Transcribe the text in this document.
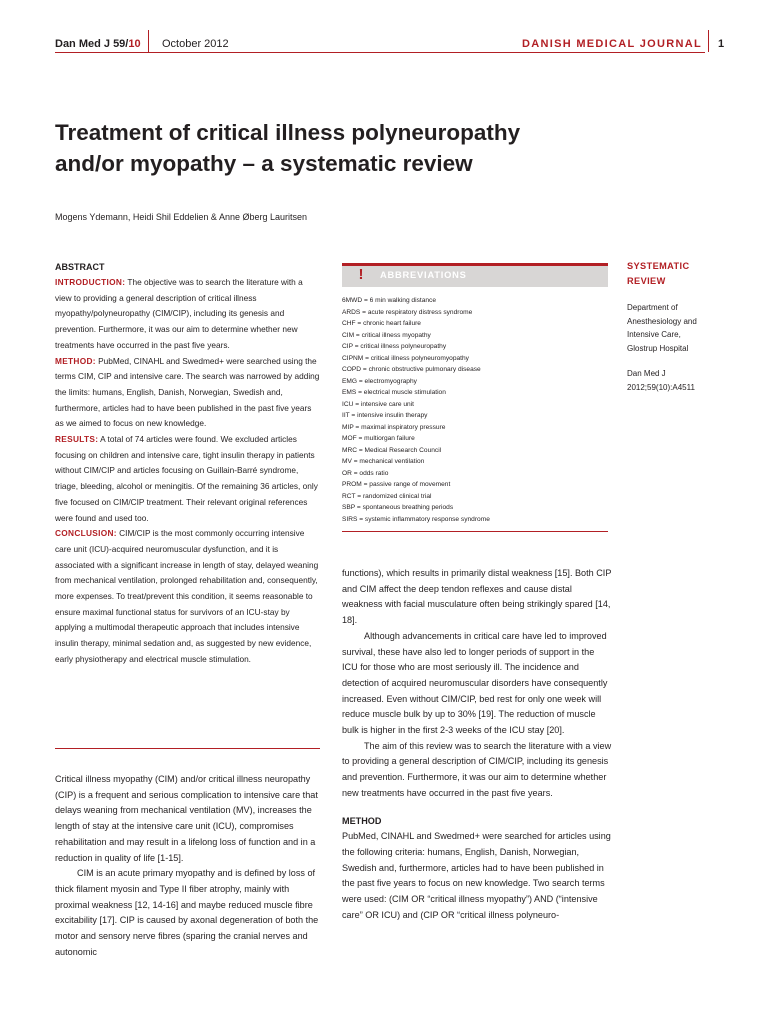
Dan Med J 59/10 October 2012	DANISH MEDICAL JOURNAL 1
Treatment of critical illness polyneuropathy
and/or myopathy – a systematic review
Mogens Ydemann, Heidi Shil Eddelien & Anne Øberg Lauritsen
ABSTRACT

INTRODUCTION: The objective was to search the literature with a view to providing a general description of critical illness myopathy/polyneuropathy (CIM/CIP), including its genesis and prevention. Furthermore, it was our aim to determine whether new treatments have occurred in the past five years.

METHOD: PubMed, CINAHL and Swedmed+ were searched using the terms CIM, CIP and intensive care. The search was narrowed by adding the limits: humans, English, Danish, Norwegian, Swedish and, furthermore, articles had to have been published in the past five years as we aimed to focus on new knowledge.

RESULTS: A total of 74 articles were found. We excluded articles focusing on children and intensive care, tight insulin therapy in patients without CIM/CIP and articles focusing on Guillain-Barré syndrome, triage, bleeding, alcohol or meningitis. Of the remaining 36 articles, only five focused on CIM/CIP treatment. Their relevant original references were found and used too.

CONCLUSION: CIM/CIP is the most commonly occurring intensive care unit (ICU)-acquired neuromuscular dysfunction, and it is associated with a significant increase in length of stay, delayed weaning from mechanical ventilation, prolonged rehabilitation and, consequently, more expenses. To treat/prevent this condition, it seems reasonable to ensure maximal functional status for survivors of an ICU-stay by applying a multimodal therapeutic approach that includes intensive insulin therapy, minimal sedation and, as suggested by new evidence, early physiotherapy and electrical muscle stimulation.

!	ABBREVIATIONS
6MWD = 6 min walking distance
ARDS = acute respiratory distress syndrome
CHF = chronic heart failure
CIM = critical illness myopathy
CIP = critical illness polyneuropathy
CIPNM = critical illness polyneuromyopathy
COPD = chronic obstructive pulmonary disease
EMG = electromyography
EMS = electrical muscle stimulation
ICU = intensive care unit
IIT = intensive insulin therapy
MIP = maximal inspiratory pressure
MOF = multiorgan failure
MRC = Medical Research Council
MV = mechanical ventilation
OR = odds ratio
PROM = passive range of movement
RCT = randomized clinical trial
SBP = spontaneous breathing periods
SIRS = systemic inflammatory response syndrome
SYSTEMATIC
REVIEW
Department of
Anesthesiology and
Intensive Care,
Glostrup Hospital
Dan Med J
2012;59(10):A4511

Critical illness myopathy (CIM) and/or critical illness neuropathy (CIP) is a frequent and serious complication to intensive care that delays weaning from mechanical ventilation (MV), increases the length of stay at the intensive care unit (ICU), compromises rehabilitation and may result in a lifelong loss of function and in a reduction in quality of life [1-15].

CIM is an acute primary myopathy and is defined by loss of thick filament myosin and Type II fiber atrophy, mainly with proximal weakness [12, 14-16] and maybe reduced muscle fibre excitability [17]. CIP is caused by axonal degeneration of both the motor and sensory nerve fibres (sparing the cranial nerves and autonomic

functions), which results in primarily distal weakness [15]. Both CIP and CIM affect the deep tendon reflexes and cause distal weakness with facial musculature often being strikingly spared [14, 18].

Although advancements in critical care have led to improved survival, these have also led to longer periods of support in the ICU for those who are most seriously ill. The incidence and detection of acquired neuromuscular disorders have consequently increased. Even without CIM/CIP, bed rest for only one week will reduce muscle bulk by up to 30% [19]. The reduction of muscle bulk is higher in the first 2-3 weeks of the ICU stay [20].

The aim of this review was to search the literature with a view to providing a general description of CIM/CIP, including its genesis and prevention. Furthermore, it was our aim to determine whether new treatments have occurred in the past five years.

METHOD

PubMed, CINAHL and Swedmed+ were searched for articles using the following criteria: humans, English, Danish, Norwegian, Swedish and, furthermore, articles had to have been published in the past five years to focus on new knowledge. Two search terms were used: (CIM OR “critical illness myopathy”) AND (“intensive care” OR ICU) and (CIP OR “critical illness polyneuro-
